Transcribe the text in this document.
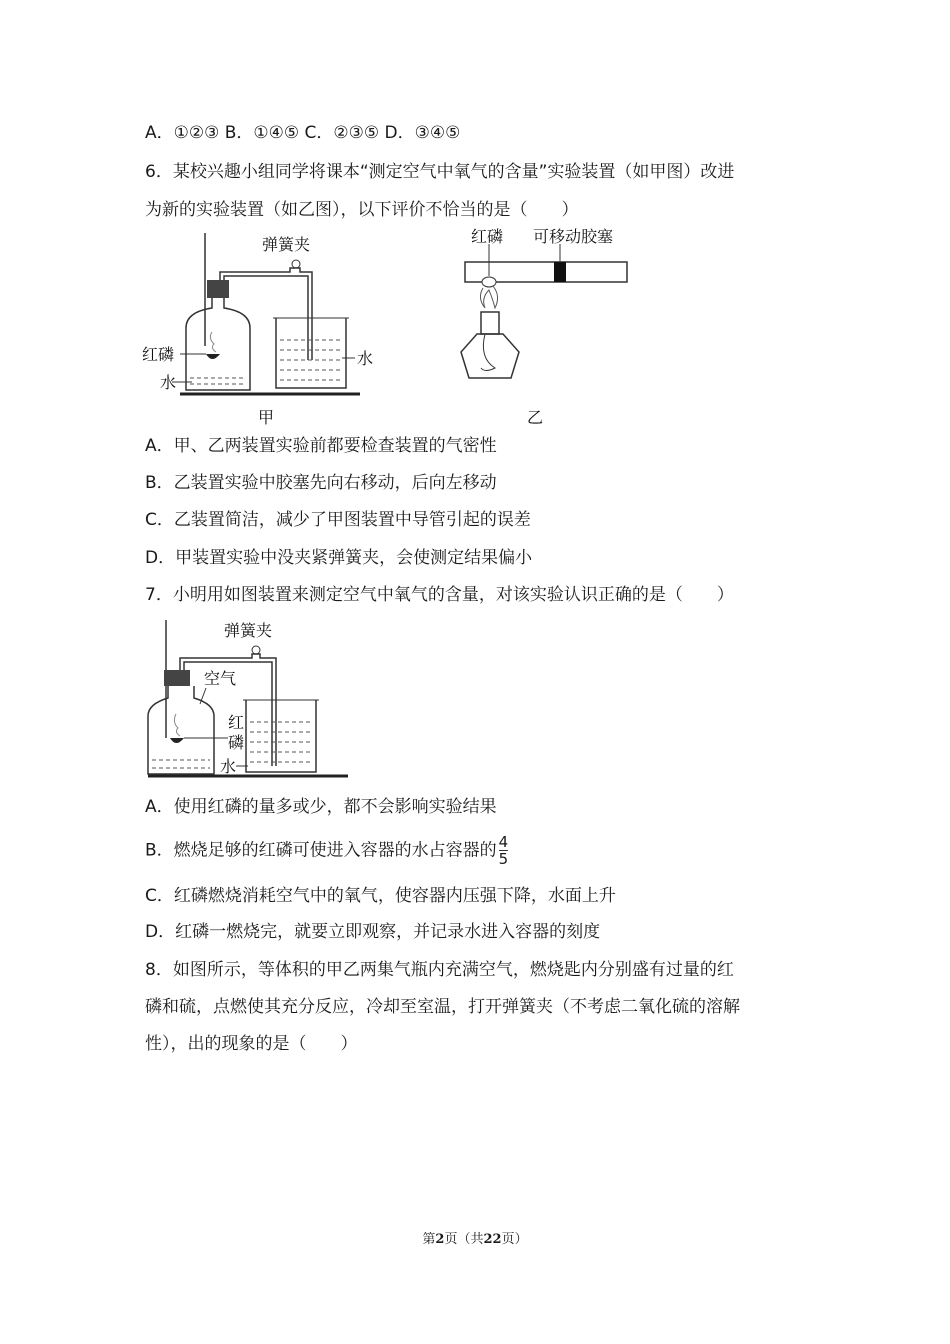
A．①②③ B．①④⑤ C．②③⑤ D．③④⑤
6．某校兴趣小组同学将课本“测定空气中氧气的含量”实验装置（如甲图）改进
为新的实验装置（如乙图），以下评价不恰当的是（　　）
弹簧夹
红磷
水
水
甲
红磷 可移动胶塞
乙
A．甲、乙两装置实验前都要检查装置的气密性
B．乙装置实验中胶塞先向右移动，后向左移动
C．乙装置简洁，减少了甲图装置中导管引起的误差
D．甲装置实验中没夹紧弹簧夹，会使测定结果偏小
7．小明用如图装置来测定空气中氧气的含量，对该实验认识正确的是（　　）
弹簧夹
空气
红
磷
水
A．使用红磷的量多或少，都不会影响实验结果
B．燃烧足够的红磷可使进入容器的水占容器的 $\frac{4}{5}$
C．红磷燃烧消耗空气中的氧气，使容器内压强下降，水面上升
D．红磷一燃烧完，就要立即观察，并记录水进入容器的刻度
8．如图所示，等体积的甲乙两集气瓶内充满空气，燃烧匙内分别盛有过量的红
磷和硫，点燃使其充分反应，冷却至室温，打开弹簧夹（不考虑二氧化硫的溶解
性），出的现象的是（　　）
第2页（共22页）
